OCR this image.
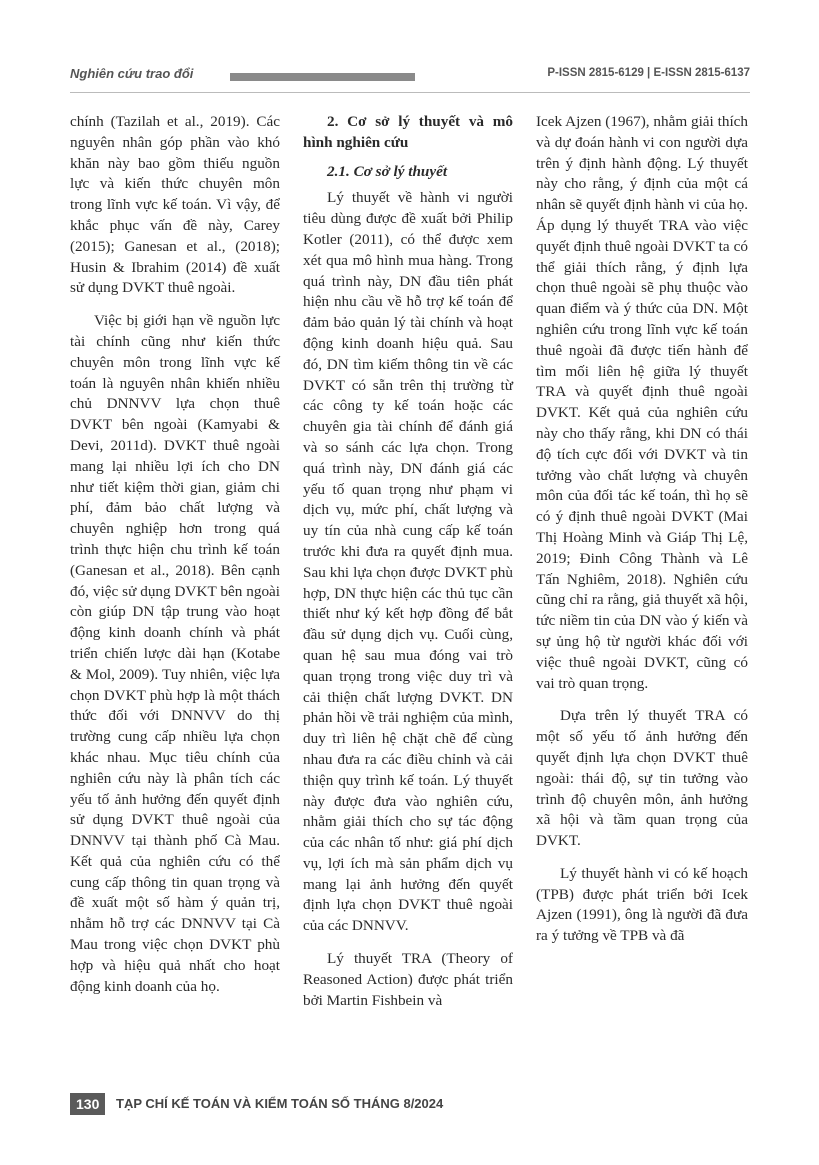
Nghiên cứu trao đổi	P-ISSN 2815-6129 | E-ISSN 2815-6137

chính (Tazilah et al., 2019). Các nguyên nhân góp phần vào khó khăn này bao gồm thiếu nguồn lực và kiến thức chuyên môn trong lĩnh vực kế toán. Vì vậy, để khắc phục vấn đề này, Carey (2015); Ganesan et al., (2018); Husin & Ibrahim (2014) đề xuất sử dụng DVKT thuê ngoài.

Việc bị giới hạn về nguồn lực tài chính cũng như kiến thức chuyên môn trong lĩnh vực kế toán là nguyên nhân khiến nhiều chủ DNNVV lựa chọn thuê DVKT bên ngoài (Kamyabi & Devi, 2011d). DVKT thuê ngoài mang lại nhiều lợi ích cho DN như tiết kiệm thời gian, giảm chi phí, đảm bảo chất lượng và chuyên nghiệp hơn trong quá trình thực hiện chu trình kế toán (Ganesan et al., 2018). Bên cạnh đó, việc sử dụng DVKT bên ngoài còn giúp DN tập trung vào hoạt động kinh doanh chính và phát triển chiến lược dài hạn (Kotabe & Mol, 2009). Tuy nhiên, việc lựa chọn DVKT phù hợp là một thách thức đối với DNNVV do thị trường cung cấp nhiều lựa chọn khác nhau. Mục tiêu chính của nghiên cứu này là phân tích các yếu tố ảnh hưởng đến quyết định sử dụng DVKT thuê ngoài của DNNVV tại thành phố Cà Mau. Kết quả của nghiên cứu có thể cung cấp thông tin quan trọng và đề xuất một số hàm ý quản trị, nhằm hỗ trợ các DNNVV tại Cà Mau trong việc chọn DVKT phù hợp và hiệu quả nhất cho hoạt động kinh doanh của họ.

2. Cơ sở lý thuyết và mô hình nghiên cứu
2.1. Cơ sở lý thuyết

Lý thuyết về hành vi người tiêu dùng được đề xuất bởi Philip Kotler (2011), có thể được xem xét qua mô hình mua hàng. Trong quá trình này, DN đầu tiên phát hiện nhu cầu về hỗ trợ kế toán để đảm bảo quản lý tài chính và hoạt động kinh doanh hiệu quả. Sau đó, DN tìm kiếm thông tin về các DVKT có sẵn trên thị trường từ các công ty kế toán hoặc các chuyên gia tài chính để đánh giá và so sánh các lựa chọn. Trong quá trình này, DN đánh giá các yếu tố quan trọng như phạm vi dịch vụ, mức phí, chất lượng và uy tín của nhà cung cấp kế toán trước khi đưa ra quyết định mua. Sau khi lựa chọn được DVKT phù hợp, DN thực hiện các thủ tục cần thiết như ký kết hợp đồng để bắt đầu sử dụng dịch vụ. Cuối cùng, quan hệ sau mua đóng vai trò quan trọng trong việc duy trì và cải thiện chất lượng DVKT. DN phản hồi về trải nghiệm của mình, duy trì liên hệ chặt chẽ để cùng nhau đưa ra các điều chỉnh và cải thiện quy trình kế toán. Lý thuyết này được đưa vào nghiên cứu, nhằm giải thích cho sự tác động của các nhân tố như: giá phí dịch vụ, lợi ích mà sản phẩm dịch vụ mang lại ảnh hưởng đến quyết định lựa chọn DVKT thuê ngoài của các DNNVV.

Lý thuyết TRA (Theory of Reasoned Action) được phát triển bởi Martin Fishbein và

Icek Ajzen (1967), nhằm giải thích và dự đoán hành vi con người dựa trên ý định hành động. Lý thuyết này cho rằng, ý định của một cá nhân sẽ quyết định hành vi của họ. Áp dụng lý thuyết TRA vào việc quyết định thuê ngoài DVKT ta có thể giải thích rằng, ý định lựa chọn thuê ngoài sẽ phụ thuộc vào quan điểm và ý thức của DN. Một nghiên cứu trong lĩnh vực kế toán thuê ngoài đã được tiến hành để tìm mối liên hệ giữa lý thuyết TRA và quyết định thuê ngoài DVKT. Kết quả của nghiên cứu này cho thấy rằng, khi DN có thái độ tích cực đối với DVKT và tin tưởng vào chất lượng và chuyên môn của đối tác kế toán, thì họ sẽ có ý định thuê ngoài DVKT (Mai Thị Hoàng Minh và Giáp Thị Lệ, 2019; Đinh Công Thành và Lê Tấn Nghiêm, 2018). Nghiên cứu cũng chỉ ra rằng, giả thuyết xã hội, tức niềm tin của DN vào ý kiến và sự ủng hộ từ người khác đối với việc thuê ngoài DVKT, cũng có vai trò quan trọng.

Dựa trên lý thuyết TRA có một số yếu tố ảnh hưởng đến quyết định lựa chọn DVKT thuê ngoài: thái độ, sự tin tưởng vào trình độ chuyên môn, ảnh hưởng xã hội và tầm quan trọng của DVKT.

Lý thuyết hành vi có kế hoạch (TPB) được phát triển bởi Icek Ajzen (1991), ông là người đã đưa ra ý tưởng về TPB và đã

130	TẠP CHÍ KẾ TOÁN VÀ KIỂM TOÁN SỐ THÁNG 8/2024
